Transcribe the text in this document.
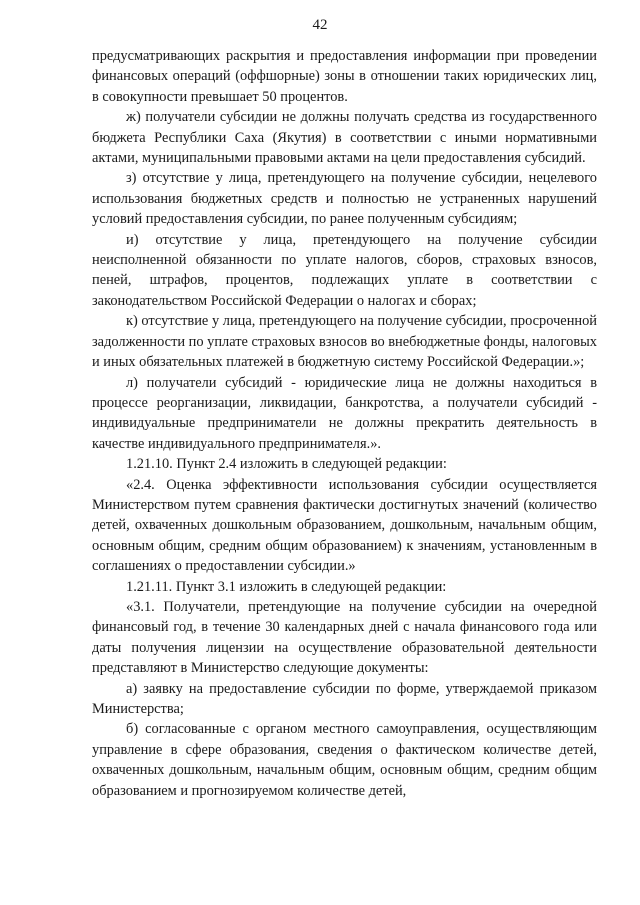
42

предусматривающих раскрытия и предоставления информации при проведении финансовых операций (оффшорные) зоны в отношении таких юридических лиц, в совокупности превышает 50 процентов.

ж) получатели субсидии не должны получать средства из государственного бюджета Республики Саха (Якутия) в соответствии с иными нормативными актами, муниципальными правовыми актами на цели предоставления субсидий.

з) отсутствие у лица, претендующего на получение субсидии, нецелевого использования бюджетных средств и полностью не устраненных нарушений условий предоставления субсидии, по ранее полученным субсидиям;

и) отсутствие у лица, претендующего на получение субсидии неисполненной обязанности по уплате налогов, сборов, страховых взносов, пеней, штрафов, процентов, подлежащих уплате в соответствии с законодательством Российской Федерации о налогах и сборах;

к) отсутствие у лица, претендующего на получение субсидии, просроченной задолженности по уплате страховых взносов во внебюджетные фонды, налоговых и иных обязательных платежей в бюджетную систему Российской Федерации.»;

л) получатели субсидий - юридические лица не должны находиться в процессе реорганизации, ликвидации, банкротства, а получатели субсидий - индивидуальные предприниматели не должны прекратить деятельность в качестве индивидуального предпринимателя.».

1.21.10. Пункт 2.4 изложить в следующей редакции:

«2.4. Оценка эффективности использования субсидии осуществляется Министерством путем сравнения фактически достигнутых значений (количество детей, охваченных дошкольным образованием, дошкольным, начальным общим, основным общим, средним общим образованием) к значениям, установленным в соглашениях о предоставлении субсидии.»

1.21.11. Пункт 3.1 изложить в следующей редакции:

«3.1. Получатели, претендующие на получение субсидии на очередной финансовый год, в течение 30 календарных дней с начала финансового года или даты получения лицензии на осуществление образовательной деятельности представляют в Министерство следующие документы:

а) заявку на предоставление субсидии по форме, утверждаемой приказом Министерства;

б) согласованные с органом местного самоуправления, осуществляющим управление в сфере образования, сведения о фактическом количестве детей, охваченных дошкольным, начальным общим, основным общим, средним общим образованием и прогнозируемом количестве детей,
